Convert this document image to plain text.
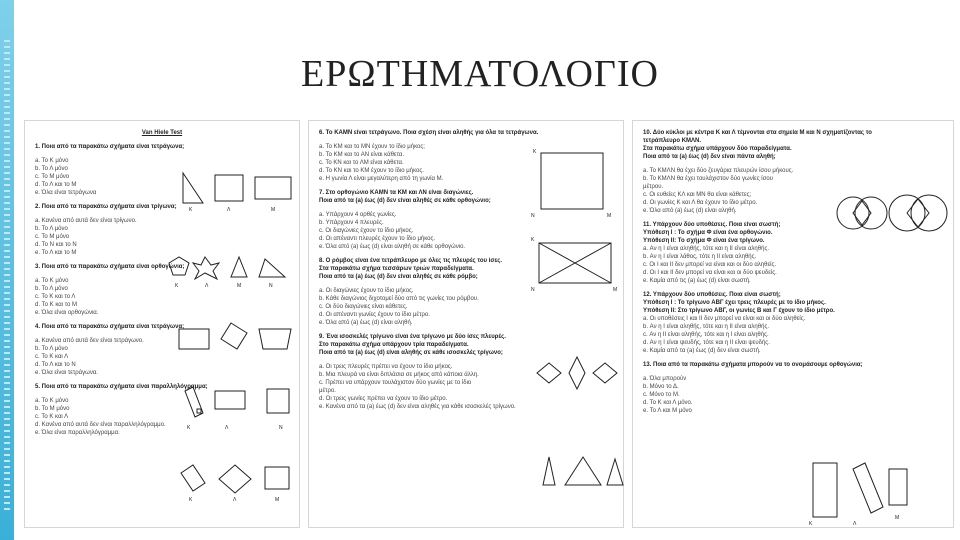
ΕΡΩΤΗΜΑΤΟΛΟΓΙΟ
Van Hiele Test
1. Ποια από τα παρακάτω σχήματα είναι τετράγωνα;
a. Το Κ μόνο
b. Το Λ μόνο
c. Το Μ μόνο
d. Το Λ και το Μ
e. Όλα είναι τετράγωνα
2. Ποια από τα παρακάτω σχήματα είναι τρίγωνα;
a. Κανένα από αυτά δεν είναι τρίγωνο.
b. Το Λ μόνο
c. Το Μ μόνο
d. Το Ν και το Ν
e. Το Λ και το Μ
3. Ποια από τα παρακάτω σχήματα είναι ορθογώνια;
a. Το Κ μόνο
b. Το Λ μόνο
c. Το Κ και το Λ
d. Το Κ και το Μ
e. Όλα είναι ορθογώνια.
4. Ποια από τα παρακάτω σχήματα είναι τετράγωνα;
a. Κανένα από αυτά δεν είναι τετράγωνο.
b. Το Λ μόνο
c. Το Κ και Λ
d. Το Λ και το Ν
e. Όλα είναι τετράγωνα.
5. Ποια από τα παρακάτω σχήματα είναι παραλληλόγραμμα;
a. Το Κ μόνο
b. Το Μ μόνο
c. Το Κ και Λ
d. Κανένα από αυτά δεν είναι παραλληλόγραμμο.
e. Όλα είναι παραλληλόγραμμα.
Κ	Λ	Μ
Κ	Λ	Μ	Ν
Κ	Λ	Ν
Κ	Λ	Μ
6. Το ΚΑΜΝ είναι τετράγωνο. Ποια σχέση είναι αληθής για όλα τα τετράγωνα.
a. Το ΚΜ και το ΜΝ έχουν το ίδιο μήκος;
b. Το ΚΜ και το ΑΝ είναι κάθετα.
c. Το ΚΝ και το ΛΜ είναι κάθετα.
d. Το ΚΝ και το ΚΜ έχουν το ίδιο μήκος.
e. Η γωνία Λ είναι μεγαλύτερη από τη γωνία Μ.
7. Στο ορθογώνιο ΚΑΜΝ τα ΚΜ και ΛΝ είναι διαγώνιες.
Ποια από τα (a) έως (d) δεν είναι αληθές σε κάθε ορθογώνιο;
a. Υπάρχουν 4 ορθές γωνίες.
b. Υπάρχουν 4 πλευρές.
c. Οι διαγώνιες έχουν το ίδιο μήκος.
d. Οι απέναντι πλευρές έχουν το ίδιο μήκος.
e. Όλα από (a) έως (d) είναι αληθή σε κάθε ορθογώνιο.
8. Ο ρόμβος είναι ένα τετράπλευρο με όλες τις πλευρές του ίσες.
Στα παρακάτω σχήμα τεσσάρων τριών παραδείγματα.
Ποια από τα (a) έως (d) δεν είναι αληθές σε κάθε ρόμβο;
a. Οι διαγώνιες έχουν το ίδιο μήκος.
b. Κάθε διαγώνιος διχοτομεί δύο από τις γωνίες του ρόμβου.
c. Οι δύο διαγώνιες είναι κάθετες.
d. Οι απέναντι γωνίες έχουν το ίδιο μέτρο.
e. Όλα από (a) έως (d) είναι αληθή.
9. Ένα ισοσκελές τρίγωνο είναι ένα τρίγωνο με δύο ίσες πλευρές.
Στο παρακάτω σχήμα υπάρχουν τρία παραδείγματα.
Ποια από τα (a) έως (d) είναι αληθής σε κάθε ισοσκελές τρίγωνο;
a. Οι τρεις πλευρές πρέπει να έχουν το ίδιο μήκος.
b. Μια πλευρά να είναι διπλάσια σε μήκος από κάποια άλλη.
c. Πρέπει να υπάρχουν τουλάχιστον δύο γωνίες με το ίδιο
μέτρο.
d. Οι τρεις γωνίες πρέπει να έχουν το ίδιο μέτρο.
e. Κανένα από τα (a) έως (d) δεν είναι αληθές για κάθε ισοσκελές τρίγωνο.
Κ
Ν	Μ
Κ
Ν	Μ
10. Δύο κύκλοι με κέντρα Κ και Λ τέμνονται στα σημεία Μ και Ν σχηματίζοντας το
τετράπλευρο ΚΜΛΝ.
Στα παρακάτω σχήμα υπάρχουν δύο παραδείγματα.
Ποια από τα (a) έως (d) δεν είναι πάντα αληθή;
a. Το ΚΜΛΝ θα έχει δύο ζευγάρια πλευρών ίσου μήκους.
b. Το ΚΜΛΝ θα έχει τουλάχιστον δύο γωνίες ίσου
μέτρου.
c. Οι ευθείες ΚΛ και ΜΝ θα είναι κάθετες;
d. Οι γωνίες Κ και Λ θα έχουν το ίδιο μέτρο.
e. Όλα από (a) έως (d) είναι αληθή.
11. Υπάρχουν δύο υποθέσεις. Ποια είναι σωστή;
Υπόθεση Ι : Το σχήμα Φ είναι ένα ορθογώνιο.
Υπόθεση ΙΙ: Το σχήμα Φ είναι ένα τρίγωνο.
a. Αν η Ι είναι αληθής, τότε και η ΙΙ είναι αληθής.
b. Αν η Ι είναι λάθος, τότε η ΙΙ είναι αληθής.
c. Οι Ι και ΙΙ δεν μπορεί να είναι και οι δύο αληθείς.
d. Οι Ι και ΙΙ δεν μπορεί να είναι και οι δύο ψευδείς.
e. Καμία από τις (a) έως (d) είναι σωστή.
12. Υπάρχουν δύο υποθέσεις. Ποια είναι σωστή;
Υπόθεση Ι : Το τρίγωνο ΑΒΓ έχει τρεις πλευρές με το ίδιο μήκος.
Υπόθεση ΙΙ: Στο τρίγωνο ΑΒΓ, οι γωνίες Β και Γ έχουν το ίδιο μέτρο.
a. Οι υποθέσεις Ι και ΙΙ δεν μπορεί να είναι και οι δύο αληθείς.
b. Αν η Ι είναι αληθής, τότε και η ΙΙ είναι αληθής.
c. Αν η ΙΙ είναι αληθής, τότε και η Ι είναι αληθής.
d. Αν η Ι είναι ψευδής, τότε και η ΙΙ είναι ψευδής.
e. Καμία από τα (a) έως (d) δεν είναι σωστή.
13. Ποια από τα παρακάτω σχήματα μπορούν να το ονομάσουμε ορθογώνια;
a. Όλα μπορούν
b. Μόνο το Δ.
c. Μόνο το Μ.
d. Το Κ και Λ μόνο.
e. Το Λ και Μ μόνο
Κ	Λ
Μ
